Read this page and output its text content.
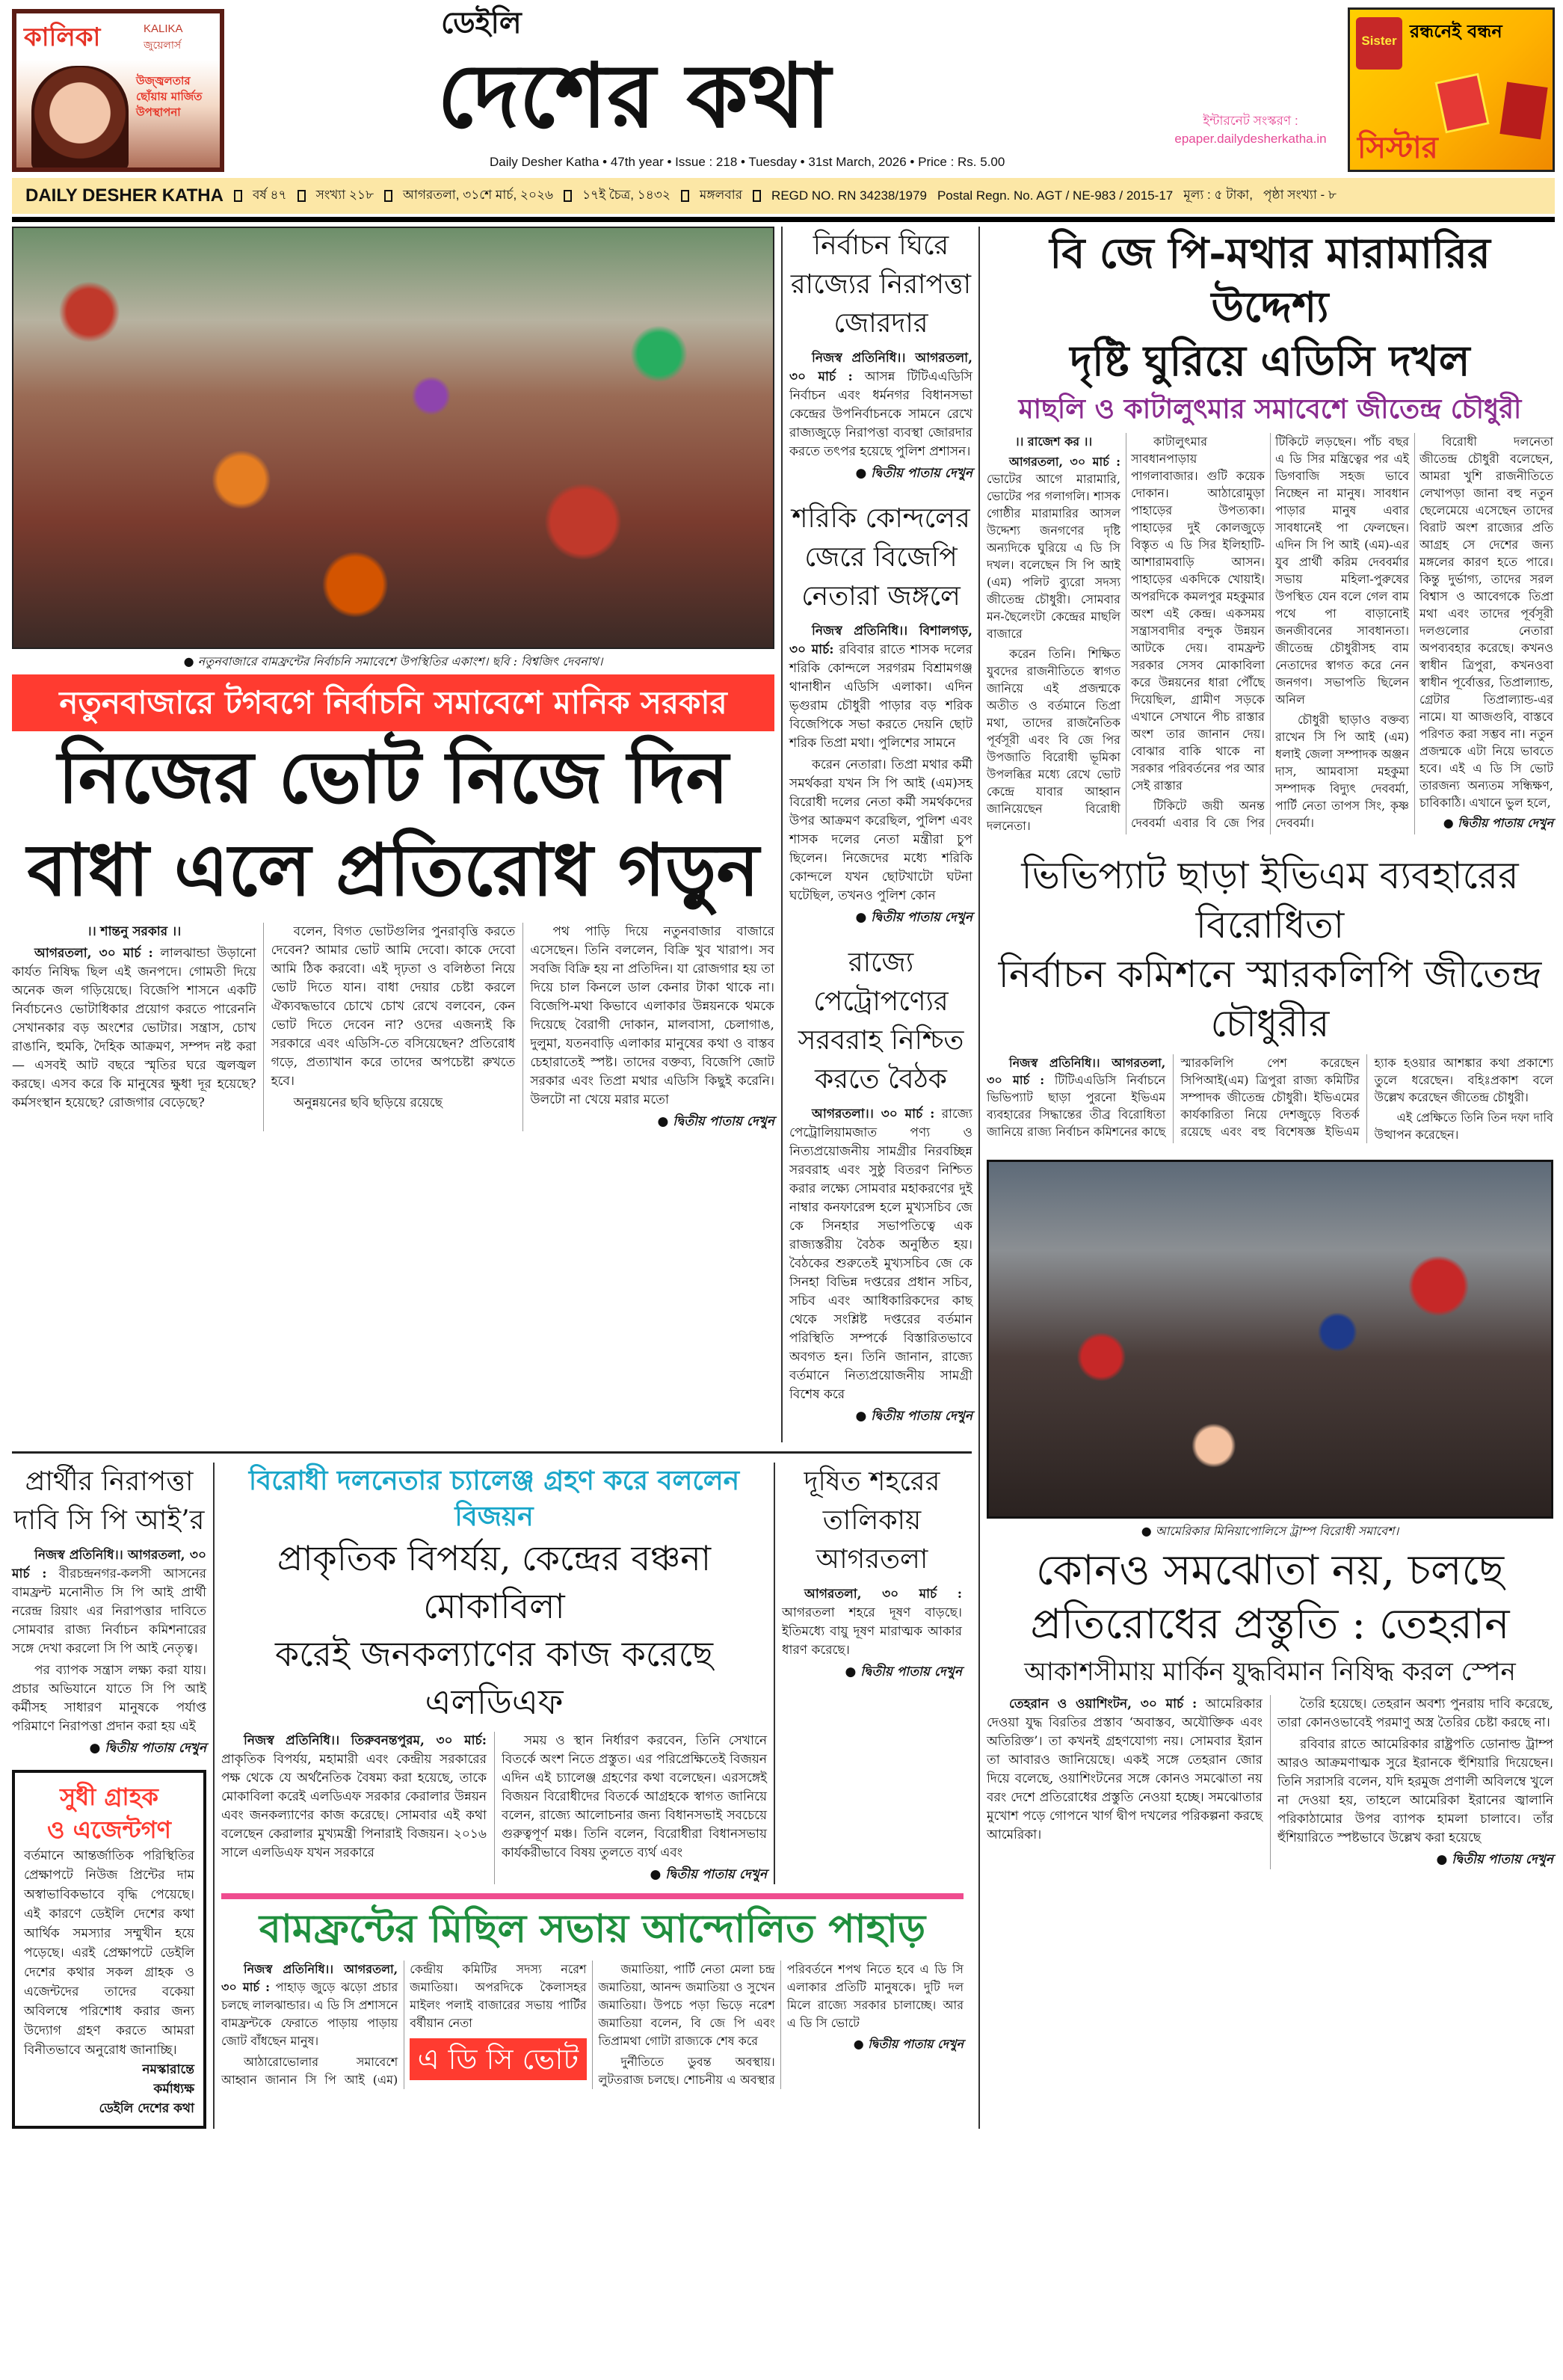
কালিকা	KALIKA
জুয়েলার্স
উজ্জ্বলতার ছোঁয়ায় মার্জিত উপস্থাপনা
ডেইলি
দেশের কথা
Daily Desher Katha • 47th year • Issue : 218 • Tuesday • 31st March, 2026 • Price : Rs. 5.00
ইন্টারনেট সংস্করণ :
epaper.dailydesherkatha.in
Sister রন্ধনেই বন্ধন
সিস্টার
DAILY DESHER KATHA বর্ষ ৪৭ সংখ্যা ২১৮ আগরতলা, ৩১শে মার্চ, ২০২৬ ১৭ই চৈত্র, ১৪৩২ মঙ্গলবার REGD NO. RN 34238/1979 Postal Regn. No. AGT / NE-983 / 2015-17 মূল্য : ৫ টাকা, পৃষ্ঠা সংখ্যা - ৮
● নতুনবাজারে বামফ্রন্টের নির্বাচনি সমাবেশে উপস্থিতির একাংশ। ছবি : বিশ্বজিৎ দেবনাথ।
নতুনবাজারে টগবগে নির্বাচনি সমাবেশে মানিক সরকার
নিজের ভোট নিজে দিন
বাধা এলে প্রতিরোধ গড়ুন

।। শান্তনু সরকার ।।

আগরতলা, ৩০ মার্চ : লালঝান্ডা উড়ানো কার্যত নিষিদ্ধ ছিল এই জনপদে। গোমতী দিয়ে অনেক জল গড়িয়েছে। বিজেপি শাসনে একটি নির্বাচনেও ভোটাধিকার প্রয়োগ করতে পারেননি সেখানকার বড় অংশের ভোটার। সন্ত্রাস, চোখ রাঙানি, হুমকি, দৈহিক আক্রমণ, সম্পদ নষ্ট করা — এসবই আট বছরে স্মৃতির ঘরে জ্বলজ্বল করছে। এসব করে কি মানুষের ক্ষুধা দূর হয়েছে? কর্মসংস্থান হয়েছে? রোজগার বেড়েছে?

বলেন, বিগত ভোটগুলির পুনরাবৃত্তি করতে দেবেন? আমার ভোট আমি দেবো। কাকে দেবো আমি ঠিক করবো। এই দৃঢ়তা ও বলিষ্ঠতা নিয়ে ভোট দিতে যান। বাধা দেয়ার চেষ্টা করলে ঐক্যবদ্ধভাবে চোখে চোখ রেখে বলবেন, কেন ভোট দিতে দেবেন না? ওদের এজন্যই কি সরকারে এবং এডিসি-তে বসিয়েছেন? প্রতিরোধ গড়ে, প্রত্যাখান করে তাদের অপচেষ্টা রুখতে হবে।

অনুন্নয়নের ছবি ছড়িয়ে রয়েছে

পথ পাড়ি দিয়ে নতুনবাজার বাজারে এসেছেন। তিনি বললেন, বিক্রি খুব খারাপ। সব সবজি বিক্রি হয় না প্রতিদিন। যা রোজগার হয় তা দিয়ে চাল কিনলে ডাল কেনার টাকা থাকে না। বিজেপি-মথা কিভাবে এলাকার উন্নয়নকে থমকে দিয়েছে বৈরাগী দোকান, মালবাসা, চেলাগাঙ, দুলুমা, যতনবাড়ি এলাকার মানুষের কথা ও বাস্তব চেহারাতেই স্পষ্ট। তাদের বক্তব্য, বিজেপি জোট সরকার এবং তিপ্রা মথার এডিসি কিছুই করেনি। উলটো না খেয়ে মরার মতো

● দ্বিতীয় পাতায় দেখুন

নির্বাচন ঘিরে রাজ্যের নিরাপত্তা জোরদার

নিজস্ব প্রতিনিধি।। আগরতলা, ৩০ মার্চ : আসন্ন টিটিএএডিসি নির্বাচন এবং ধর্মনগর বিধানসভা কেন্দ্রের উপনির্বাচনকে সামনে রেখে রাজ্যজুড়ে নিরাপত্তা ব্যবস্থা জোরদার করতে তৎপর হয়েছে পুলিশ প্রশাসন।

● দ্বিতীয় পাতায় দেখুন

শরিকি কোন্দলের জেরে বিজেপি নেতারা জঙ্গলে

নিজস্ব প্রতিনিধি।। বিশালগড়, ৩০ মার্চ: রবিবার রাতে শাসক দলের শরিকি কোন্দলে সরগরম বিশ্রামগঞ্জ থানাধীন এডিসি এলাকা। এদিন ভৃগুরাম চৌধুরী পাড়ার বড় শরিক বিজেপিকে সভা করতে দেয়নি ছোট শরিক তিপ্রা মথা। পুলিশের সামনে

করেন নেতারা। তিপ্রা মথার কর্মী সমর্থকরা যখন সি পি আই (এম)সহ বিরোধী দলের নেতা কর্মী সমর্থকদের উপর আক্রমণ করেছিল, পুলিশ এবং শাসক দলের নেতা মন্ত্রীরা চুপ ছিলেন। নিজেদের মধ্যে শরিকি কোন্দলে যখন ছোটখাটো ঘটনা ঘটেছিল, তখনও পুলিশ কোন

● দ্বিতীয় পাতায় দেখুন

রাজ্যে পেট্রোপণ্যের সরবরাহ নিশ্চিত করতে বৈঠক

আগরতলা।। ৩০ মার্চ : রাজ্যে পেট্রোলিয়ামজাত পণ্য ও নিত্যপ্রয়োজনীয় সামগ্রীর নিরবচ্ছিন্ন সরবরাহ এবং সুষ্ঠু বিতরণ নিশ্চিত করার লক্ষ্যে সোমবার মহাকরণের দুই নাম্বার কনফারেন্স হলে মুখ্যসচিব জে কে সিনহার সভাপতিত্বে এক রাজ্যস্তরীয় বৈঠক অনুষ্ঠিত হয়। বৈঠকের শুরুতেই মুখ্যসচিব জে কে সিনহা বিভিন্ন দপ্তরের প্রধান সচিব, সচিব এবং আধিকারিকদের কাছ থেকে সংশ্লিষ্ট দপ্তরের বর্তমান পরিস্থিতি সম্পর্কে বিস্তারিতভাবে অবগত হন। তিনি জানান, রাজ্যে বর্তমানে নিত্যপ্রয়োজনীয় সামগ্রী বিশেষ করে

● দ্বিতীয় পাতায় দেখুন

প্রার্থীর নিরাপত্তা দাবি সি পি আই’র

নিজস্ব প্রতিনিধি।। আগরতলা, ৩০ মার্চ : বীরচন্দ্রনগর-কলসী আসনের বামফ্রন্ট মনোনীত সি পি আই প্রার্থী নরেন্দ্র রিয়াং এর নিরাপত্তার দাবিতে সোমবার রাজ্য নির্বাচন কমিশনারের সঙ্গে দেখা করলো সি পি আই নেতৃত্ব।

পর ব্যাপক সন্ত্রাস লক্ষ্য করা যায়। প্রচার অভিযানে যাতে সি পি আই কর্মীসহ সাধারণ মানুষকে পর্যাপ্ত পরিমাণে নিরাপত্তা প্রদান করা হয় এই

● দ্বিতীয় পাতায় দেখুন

সুধী গ্রাহক
ও এজেন্টগণ

বর্তমানে আন্তর্জাতিক পরিস্থিতির প্রেক্ষাপটে নিউজ প্রিন্টের দাম অস্বাভাবিকভাবে বৃদ্ধি পেয়েছে। এই কারণে ডেইলি দেশের কথা আর্থিক সমস্যার সম্মুখীন হয়ে পড়েছে। এরই প্রেক্ষাপটে ডেইলি দেশের কথার সকল গ্রাহক ও এজেন্টদের তাদের বকেয়া অবিলম্বে পরিশোধ করার জন্য উদ্যোগ গ্রহণ করতে আমরা বিনীতভাবে অনুরোধ জানাচ্ছি।

নমস্কারান্তে

কর্মাধ্যক্ষ

ডেইলি দেশের কথা

বিরোধী দলনেতার চ্যালেঞ্জ গ্রহণ করে বললেন বিজয়ন
প্রাকৃতিক বিপর্যয়, কেন্দ্রের বঞ্চনা মোকাবিলা
করেই জনকল্যাণের কাজ করেছে এলডিএফ

নিজস্ব প্রতিনিধি।। তিরুবনন্তপুরম, ৩০ মার্চ: প্রাকৃতিক বিপর্যয়, মহামারী এবং কেন্দ্রীয় সরকারের পক্ষ থেকে যে অর্থনৈতিক বৈষম্য করা হয়েছে, তাকে মোকাবিলা করেই এলডিএফ সরকার কেরালার উন্নয়ন এবং জনকল্যাণের কাজ করেছে। সোমবার এই কথা বলেছেন কেরালার মুখ্যমন্ত্রী পিনারাই বিজয়ন। ২০১৬ সালে এলডিএফ যখন সরকারে

সময় ও স্থান নির্ধারণ করবেন, তিনি সেখানে বিতর্কে অংশ নিতে প্রস্তুত। এর পরিপ্রেক্ষিতেই বিজয়ন এদিন এই চ্যালেঞ্জ গ্রহণের কথা বলেছেন। এরসঙ্গেই বিজয়ন বিরোধীদের বিতর্কে আগ্রহকে স্বাগত জানিয়ে বলেন, রাজ্যে আলোচনার জন্য বিধানসভাই সবচেয়ে গুরুত্বপূর্ণ মঞ্চ। তিনি বলেন, বিরোধীরা বিধানসভায় কার্যকরীভাবে বিষয় তুলতে ব্যর্থ এবং

● দ্বিতীয় পাতায় দেখুন

দূষিত শহরের তালিকায় আগরতলা

আগরতলা, ৩০ মার্চ : আগরতলা শহরে দূষণ বাড়ছে। ইতিমধ্যে বায়ু দূষণ মারাত্মক আকার ধারণ করেছে।

● দ্বিতীয় পাতায় দেখুন

বামফ্রন্টের মিছিল সভায় আন্দোলিত পাহাড়

নিজস্ব প্রতিনিধি।। আগরতলা, ৩০ মার্চ : পাহাড় জুড়ে ঝড়ো প্রচার চলছে লালঝান্ডার। এ ডি সি প্রশাসনে বামফ্রন্টকে ফেরাতে পাড়ায় পাড়ায় জোট বাঁধছেন মানুষ।

আঠারোভোলার সমাবেশে আহ্বান জানান সি পি আই (এম) কেন্দ্রীয় কমিটির সদস্য নরেশ জমাতিয়া। অপরদিকে কৈলাসহর মাইলং পলাই বাজারের সভায় পার্টির বর্ষীয়ান নেতা

এ ডি সি ভোট

জমাতিয়া, পার্টি নেতা মেলা চন্দ্র জমাতিয়া, আনন্দ জমাতিয়া ও সুখেন জমাতিয়া। উপচে পড়া ভিড়ে নরেশ জমাতিয়া বলেন, বি জে পি এবং তিপ্রামথা গোটা রাজ্যকে শেষ করে

দুর্নীতিতে ডুবন্ত অবস্থায়। লুটতরাজ চলছে। শোচনীয় এ অবস্থার পরিবর্তনে শপথ নিতে হবে এ ডি সি এলাকার প্রতিটি মানুষকে। দুটি দল মিলে রাজ্যে সরকার চালাচ্ছে। আর এ ডি সি ভোটে

● দ্বিতীয় পাতায় দেখুন

বি জে পি-মথার মারামারির উদ্দেশ্য
দৃষ্টি ঘুরিয়ে এডিসি দখল
মাছলি ও কাটালুৎমার সমাবেশে জীতেন্দ্র চৌধুরী

।। রাজেশ কর ।।

আগরতলা, ৩০ মার্চ : ভোটের আগে মারামারি, ভোটের পর গলাগলি। শাসক গোষ্ঠীর মারামারির আসল উদ্দেশ্য জনগণের দৃষ্টি অন্যদিকে ঘুরিয়ে এ ডি সি দখল। বলেছেন সি পি আই (এম) পলিট ব্যুরো সদস্য জীতেন্দ্র চৌধুরী। সোমবার মন-ছৈলেংটা কেন্দ্রের মাছলি বাজারে

করেন তিনি। শিক্ষিত যুবদের রাজনীতিতে স্বাগত জানিয়ে এই প্রজন্মকে অতীত ও বর্তমানে তিপ্রা মথা, তাদের রাজনৈতিক পূর্বসূরী এবং বি জে পির উপজাতি বিরোধী ভূমিকা উপলব্ধির মধ্যে রেখে ভোট কেন্দ্রে যাবার আহ্বান জানিয়েছেন বিরোধী দলনেতা।

কাটালুৎমার সাবধানপাড়ায় পাগলাবাজার। গুটি কয়েক দোকান। আঠারোমুড়া পাহাড়ের উপত্যকা। পাহাড়ের দুই কোলজুড়ে বিস্তৃত এ ডি সির ইলিহাটি-আশারামবাড়ি আসন। পাহাড়ের একদিকে খোয়াই। অপরদিকে কমলপুর মহকুমার অংশ এই কেন্দ্র। একসময় সন্ত্রাসবাদীর বন্দুক উন্নয়ন আটকে দেয়। বামফ্রন্ট সরকার সেসব মোকাবিলা করে উন্নয়নের ধারা পৌঁছে দিয়েছিল, গ্রামীণ সড়কে এখানে সেখানে পীচ রাস্তার অংশ তার জানান দেয়। বোঝার বাকি থাকে না সরকার পরিবর্তনের পর আর সেই রাস্তার

টিকিটে জয়ী অনন্ত দেববর্মা এবার বি জে পির টিকিটে লড়ছেন। পাঁচ বছর এ ডি সির মন্ত্রিত্বের পর এই ডিগবাজি সহজ ভাবে নিচ্ছেন না মানুষ। সাবধান পাড়ার মানুষ এবার সাবধানেই পা ফেলছেন। এদিন সি পি আই (এম)-এর যুব প্রার্থী করিম দেববর্মার সভায় মহিলা-পুরুষের উপস্থিত যেন বলে গেল বাম পথে পা বাড়ানোই জনজীবনের সাবধানতা। জীতেন্দ্র চৌধুরীসহ বাম নেতাদের স্বাগত করে নেন জনগণ। সভাপতি ছিলেন অনিল

চৌধুরী ছাড়াও বক্তব্য রাখেন সি পি আই (এম) ধলাই জেলা সম্পাদক অঞ্জন দাস, আমবাসা মহকুমা সম্পাদক বিদ্যুৎ দেববর্মা, পার্টি নেতা তাপস সিং, কৃষ্ণ দেববর্মা।

বিরোধী দলনেতা জীতেন্দ্র চৌধুরী বলেছেন, আমরা খুশি রাজনীতিতে লেখাপড়া জানা বহু নতুন ছেলেমেয়ে এসেছেন তাদের বিরাট অংশ রাজ্যের প্রতি আগ্রহ সে দেশের জন্য মঙ্গলের কারণ হতে পারে। কিন্তু দুর্ভাগ্য, তাদের সরল বিশ্বাস ও আবেগকে তিপ্রা মথা এবং তাদের পূর্বসূরী দলগুলোর নেতারা অপব্যবহার করেছে। কখনও স্বাধীন ত্রিপুরা, কখনওবা স্বাধীন পূর্বোত্তর, তিপ্রাল্যান্ড, গ্রেটার তিপ্রাল্যান্ড-এর নামে। যা আজগুবি, বাস্তবে পরিণত করা সম্ভব না। নতুন প্রজন্মকে এটা নিয়ে ভাবতে হবে। এই এ ডি সি ভোট তারজন্য অন্যতম সন্ধিক্ষণ, চাবিকাঠি। এখানে ভুল হলে,

● দ্বিতীয় পাতায় দেখুন

ভিভিপ্যাট ছাড়া ইভিএম ব্যবহারের বিরোধিতা
নির্বাচন কমিশনে স্মারকলিপি জীতেন্দ্র চৌধুরীর

নিজস্ব প্রতিনিধি।। আগরতলা, ৩০ মার্চ : টিটিএএডিসি নির্বাচনে ভিভিপ্যাট ছাড়া পুরনো ইভিএম ব্যবহারের সিদ্ধান্তের তীব্র বিরোধিতা জানিয়ে রাজ্য নির্বাচন কমিশনের কাছে স্মারকলিপি পেশ করেছেন সিপিআই(এম) ত্রিপুরা রাজ্য কমিটির সম্পাদক জীতেন্দ্র চৌধুরী। ইভিএমের কার্যকারিতা নিয়ে দেশজুড়ে বিতর্ক রয়েছে এবং বহু বিশেষজ্ঞ ইভিএম হ্যাক হওয়ার আশঙ্কার কথা প্রকাশ্যে তুলে ধরেছেন। বহিঃপ্রকাশ বলে উল্লেখ করেছেন জীতেন্দ্র চৌধুরী।

এই প্রেক্ষিতে তিনি তিন দফা দাবি উত্থাপন করেছেন।

● আমেরিকার মিনিয়াপোলিসে ট্রাম্প বিরোধী সমাবেশ।
কোনও সমঝোতা নয়, চলছে
প্রতিরোধের প্রস্তুতি : তেহরান
আকাশসীমায় মার্কিন যুদ্ধবিমান নিষিদ্ধ করল স্পেন

তেহরান ও ওয়াশিংটন, ৩০ মার্চ : আমেরিকার দেওয়া যুদ্ধ বিরতির প্রস্তাব ‘অবাস্তব, অযৌক্তিক এবং অতিরিক্ত’। তা কখনই গ্রহণযোগ্য নয়। সোমবার ইরান তা আবারও জানিয়েছে। একই সঙ্গে তেহরান জোর দিয়ে বলেছে, ওয়াশিংটনের সঙ্গে কোনও সমঝোতা নয় বরং দেশে প্রতিরোধের প্রস্তুতি নেওয়া হচ্ছে। সমঝোতার মুখোশ পড়ে গোপনে খার্গ দ্বীপ দখলের পরিকল্পনা করছে আমেরিকা।

তৈরি হয়েছে। তেহরান অবশ্য পুনরায় দাবি করেছে, তারা কোনওভাবেই পরমাণু অস্ত্র তৈরির চেষ্টা করছে না।

রবিবার রাতে আমেরিকার রাষ্ট্রপতি ডোনাল্ড ট্রাম্প আরও আক্রমণাত্মক সুরে ইরানকে হুঁশিয়ারি দিয়েছেন। তিনি সরাসরি বলেন, যদি হরমুজ প্রণালী অবিলম্বে খুলে না দেওয়া হয়, তাহলে আমেরিকা ইরানের জ্বালানি পরিকাঠামোর উপর ব্যাপক হামলা চালাবে। তাঁর হুঁশিয়ারিতে স্পষ্টভাবে উল্লেখ করা হয়েছে

● দ্বিতীয় পাতায় দেখুন
